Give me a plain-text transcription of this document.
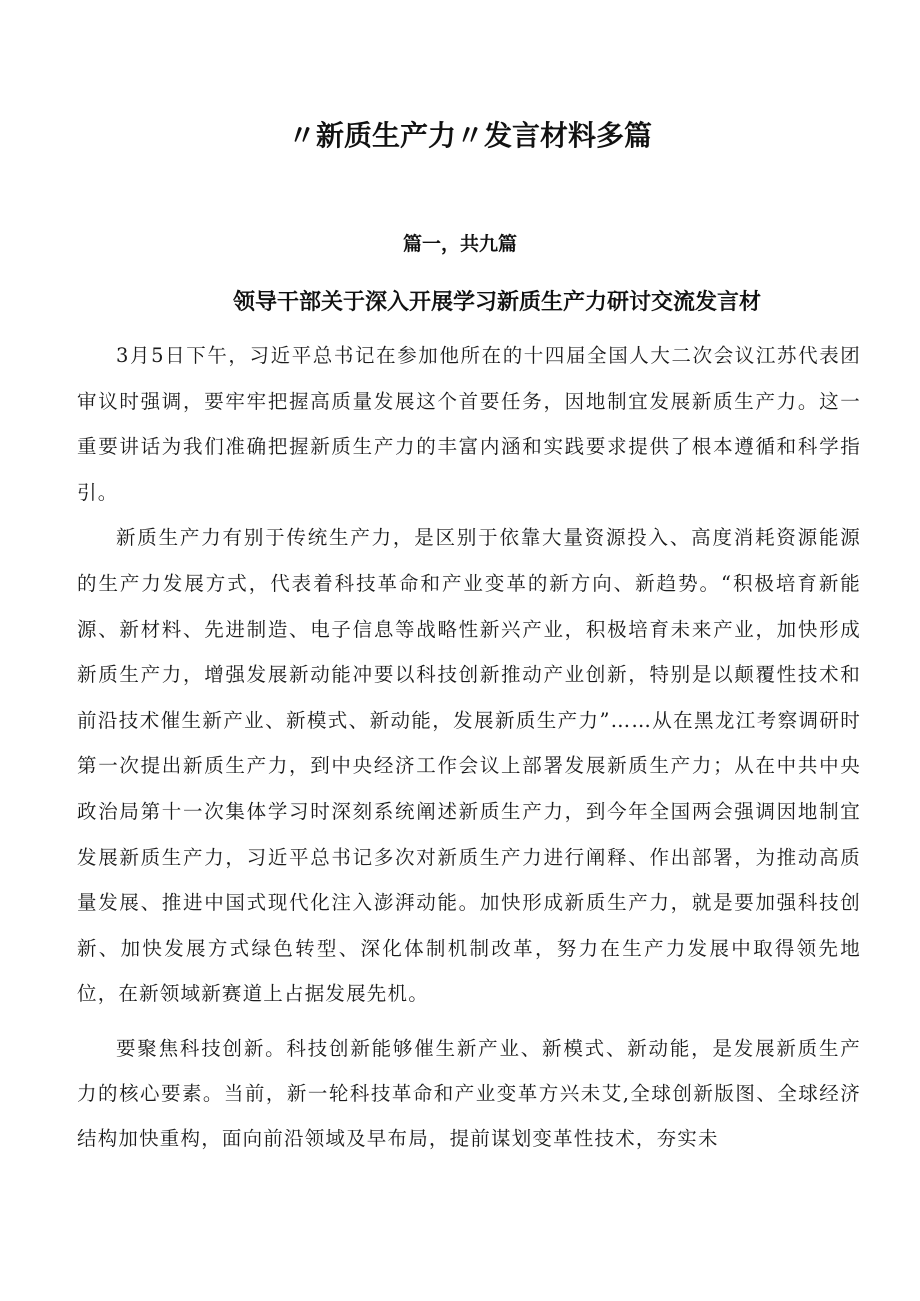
〃新质生产力〃发言材料多篇
篇一，共九篇
领导干部关于深入开展学习新质生产力研讨交流发言材

3月5日下午，习近平总书记在参加他所在的十四届全国人大二次会议江苏代表团审议时强调，要牢牢把握高质量发展这个首要任务，因地制宜发展新质生产力。这一重要讲话为我们准确把握新质生产力的丰富内涵和实践要求提供了根本遵循和科学指引。

新质生产力有别于传统生产力，是区别于依靠大量资源投入、高度消耗资源能源的生产力发展方式，代表着科技革命和产业变革的新方向、新趋势。“积极培育新能源、新材料、先进制造、电子信息等战略性新兴产业，积极培育未来产业，加快形成新质生产力，增强发展新动能冲要以科技创新推动产业创新，特别是以颠覆性技术和前沿技术催生新产业、新模式、新动能，发展新质生产力”……从在黑龙江考察调研时第一次提出新质生产力，到中央经济工作会议上部署发展新质生产力；从在中共中央政治局第十一次集体学习时深刻系统阐述新质生产力，到今年全国两会强调因地制宜发展新质生产力，习近平总书记多次对新质生产力进行阐释、作出部署，为推动高质量发展、推进中国式现代化注入澎湃动能。加快形成新质生产力，就是要加强科技创新、加快发展方式绿色转型、深化体制机制改革，努力在生产力发展中取得领先地位，在新领域新赛道上占据发展先机。

要聚焦科技创新。科技创新能够催生新产业、新模式、新动能，是发展新质生产力的核心要素。当前，新一轮科技革命和产业变革方兴未艾,全球创新版图、全球经济结构加快重构，面向前沿领域及早布局，提前谋划变革性技术，夯实未
